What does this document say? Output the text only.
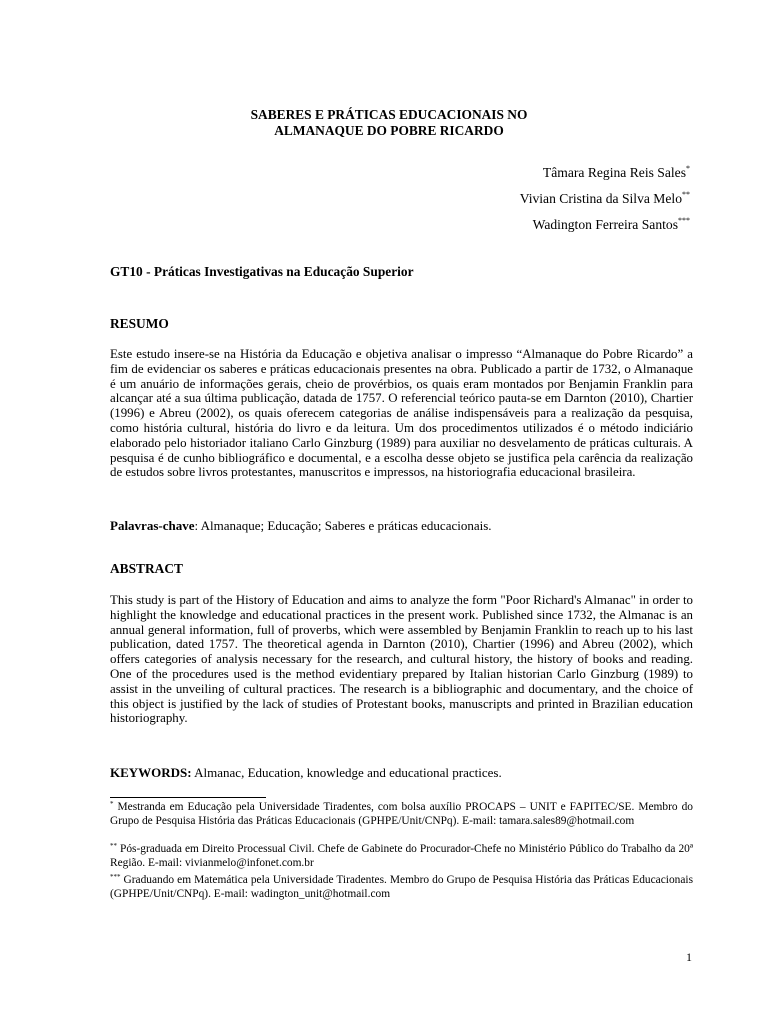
SABERES E PRÁTICAS EDUCACIONAIS NO
ALMANAQUE DO POBRE RICARDO
Tâmara Regina Reis Sales*
Vivian Cristina da Silva Melo**
Wadington Ferreira Santos***
GT10 - Práticas Investigativas na Educação Superior
RESUMO
Este estudo insere-se na História da Educação e objetiva analisar o impresso “Almanaque do Pobre Ricardo” a fim de evidenciar os saberes e práticas educacionais presentes na obra. Publicado a partir de 1732, o Almanaque é um anuário de informações gerais, cheio de provérbios, os quais eram montados por Benjamin Franklin para alcançar até a sua última publicação, datada de 1757. O referencial teórico pauta-se em Darnton (2010), Chartier (1996) e Abreu (2002), os quais oferecem categorias de análise indispensáveis para a realização da pesquisa, como história cultural, história do livro e da leitura. Um dos procedimentos utilizados é o método indiciário elaborado pelo historiador italiano Carlo Ginzburg (1989) para auxiliar no desvelamento de práticas culturais. A pesquisa é de cunho bibliográfico e documental, e a escolha desse objeto se justifica pela carência da realização de estudos sobre livros protestantes, manuscritos e impressos, na historiografia educacional brasileira.
Palavras-chave: Almanaque; Educação; Saberes e práticas educacionais.
ABSTRACT
This study is part of the History of Education and aims to analyze the form "Poor Richard's Almanac" in order to highlight the knowledge and educational practices in the present work. Published since 1732, the Almanac is an annual general information, full of proverbs, which were assembled by Benjamin Franklin to reach up to his last publication, dated 1757. The theoretical agenda in Darnton (2010), Chartier (1996) and Abreu (2002), which offers categories of analysis necessary for the research, and cultural history, the history of books and reading. One of the procedures used is the method evidentiary prepared by Italian historian Carlo Ginzburg (1989) to assist in the unveiling of cultural practices. The research is a bibliographic and documentary, and the choice of this object is justified by the lack of studies of Protestant books, manuscripts and printed in Brazilian education historiography.
KEYWORDS: Almanac, Education, knowledge and educational practices.
* Mestranda em Educação pela Universidade Tiradentes, com bolsa auxílio PROCAPS – UNIT e FAPITEC/SE. Membro do Grupo de Pesquisa História das Práticas Educacionais (GPHPE/Unit/CNPq). E-mail: tamara.sales89@hotmail.com
** Pós-graduada em Direito Processual Civil. Chefe de Gabinete do Procurador-Chefe no Ministério Público do Trabalho da 20ª Região. E-mail: vivianmelo@infonet.com.br
*** Graduando em Matemática pela Universidade Tiradentes. Membro do Grupo de Pesquisa História das Práticas Educacionais (GPHPE/Unit/CNPq). E-mail: wadington_unit@hotmail.com
1
